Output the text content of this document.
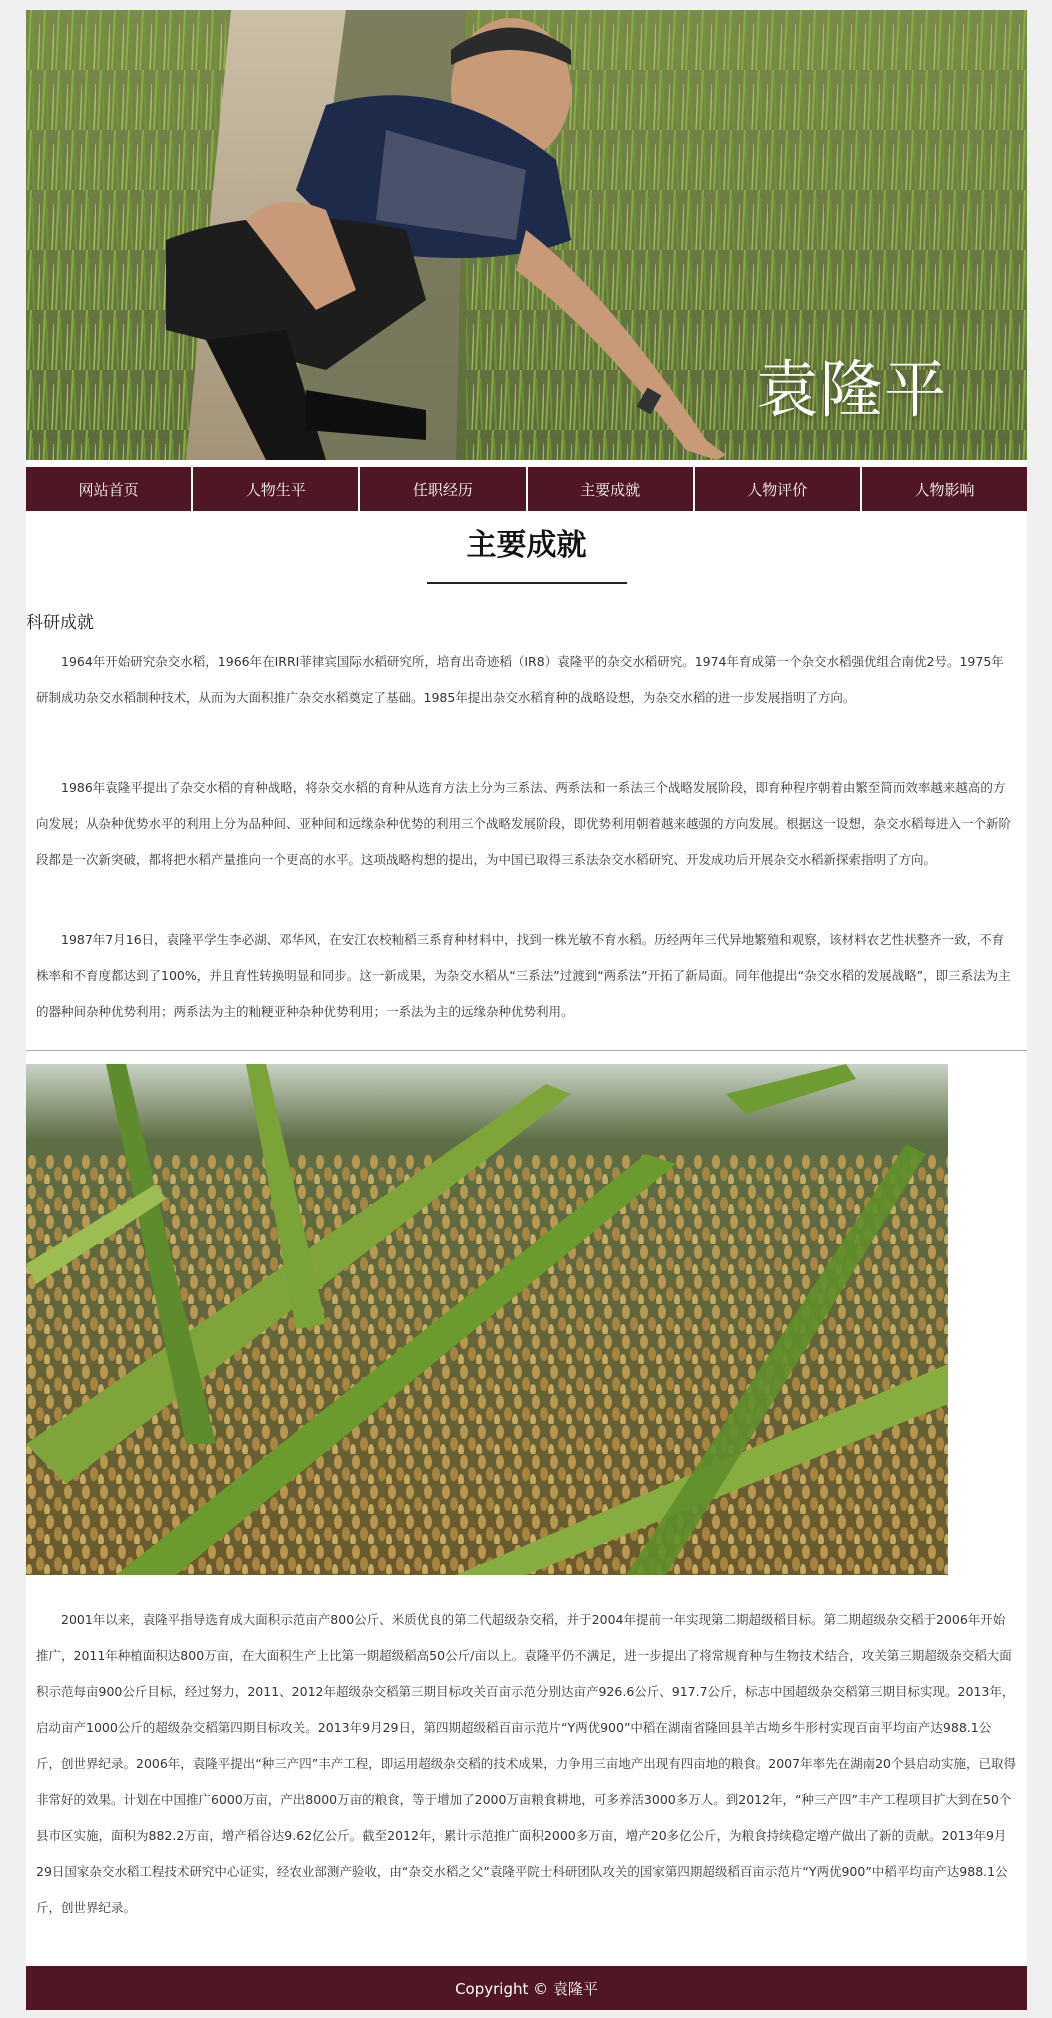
袁隆平
网站首页	人物生平	任职经历	主要成就	人物评价	人物影响
主要成就
科研成就

1964年开始研究杂交水稻，1966年在IRRI菲律宾国际水稻研究所，培育出奇迹稻（IR8）袁隆平的杂交水稻研究。1974年育成第一个杂交水稻强优组合南优2号。1975年研制成功杂交水稻制种技术，从而为大面积推广杂交水稻奠定了基础。1985年提出杂交水稻育种的战略设想，为杂交水稻的进一步发展指明了方向。

1986年袁隆平提出了杂交水稻的育种战略，将杂交水稻的育种从选育方法上分为三系法、两系法和一系法三个战略发展阶段，即育种程序朝着由繁至简而效率越来越高的方向发展；从杂种优势水平的利用上分为品种间、亚种间和远缘杂种优势的利用三个战略发展阶段，即优势利用朝着越来越强的方向发展。根据这一设想，杂交水稻每进入一个新阶段都是一次新突破，都将把水稻产量推向一个更高的水平。这项战略构想的提出，为中国已取得三系法杂交水稻研究、开发成功后开展杂交水稻新探索指明了方向。

1987年7月16日，袁隆平学生李必湖、邓华风，在安江农校籼稻三系育种材料中，找到一株光敏不育水稻。历经两年三代异地繁殖和观察，该材料农艺性状整齐一致，不育株率和不育度都达到了100%，并且育性转换明显和同步。这一新成果，为杂交水稻从“三系法”过渡到“两系法”开拓了新局面。同年他提出“杂交水稻的发展战略”，即三系法为主的器种间杂种优势利用；两系法为主的籼粳亚种杂种优势利用；一系法为主的远缘杂种优势利用。

2001年以来，袁隆平指导选育成大面积示范亩产800公斤、米质优良的第二代超级杂交稻，并于2004年提前一年实现第二期超级稻目标。第二期超级杂交稻于2006年开始推广，2011年种植面积达800万亩，在大面积生产上比第一期超级稻高50公斤/亩以上。袁隆平仍不满足，进一步提出了将常规育种与生物技术结合，攻关第三期超级杂交稻大面积示范每亩900公斤目标，经过努力，2011、2012年超级杂交稻第三期目标攻关百亩示范分别达亩产926.6公斤、917.7公斤，标志中国超级杂交稻第三期目标实现。2013年，启动亩产1000公斤的超级杂交稻第四期目标攻关。2013年9月29日，第四期超级稻百亩示范片“Y两优900”中稻在湖南省隆回县羊古坳乡牛形村实现百亩平均亩产达988.1公斤，创世界纪录。2006年，袁隆平提出“种三产四”丰产工程，即运用超级杂交稻的技术成果，力争用三亩地产出现有四亩地的粮食。2007年率先在湖南20个县启动实施，已取得非常好的效果。计划在中国推广6000万亩，产出8000万亩的粮食，等于增加了2000万亩粮食耕地，可多养活3000多万人。到2012年，“种三产四”丰产工程项目扩大到在50个县市区实施，面积为882.2万亩，增产稻谷达9.62亿公斤。截至2012年，累计示范推广面积2000多万亩，增产20多亿公斤，为粮食持续稳定增产做出了新的贡献。2013年9月29日国家杂交水稻工程技术研究中心证实，经农业部测产验收，由“杂交水稻之父”袁隆平院士科研团队攻关的国家第四期超级稻百亩示范片“Y两优900”中稻平均亩产达988.1公斤，创世界纪录。

Copyright © 袁隆平
